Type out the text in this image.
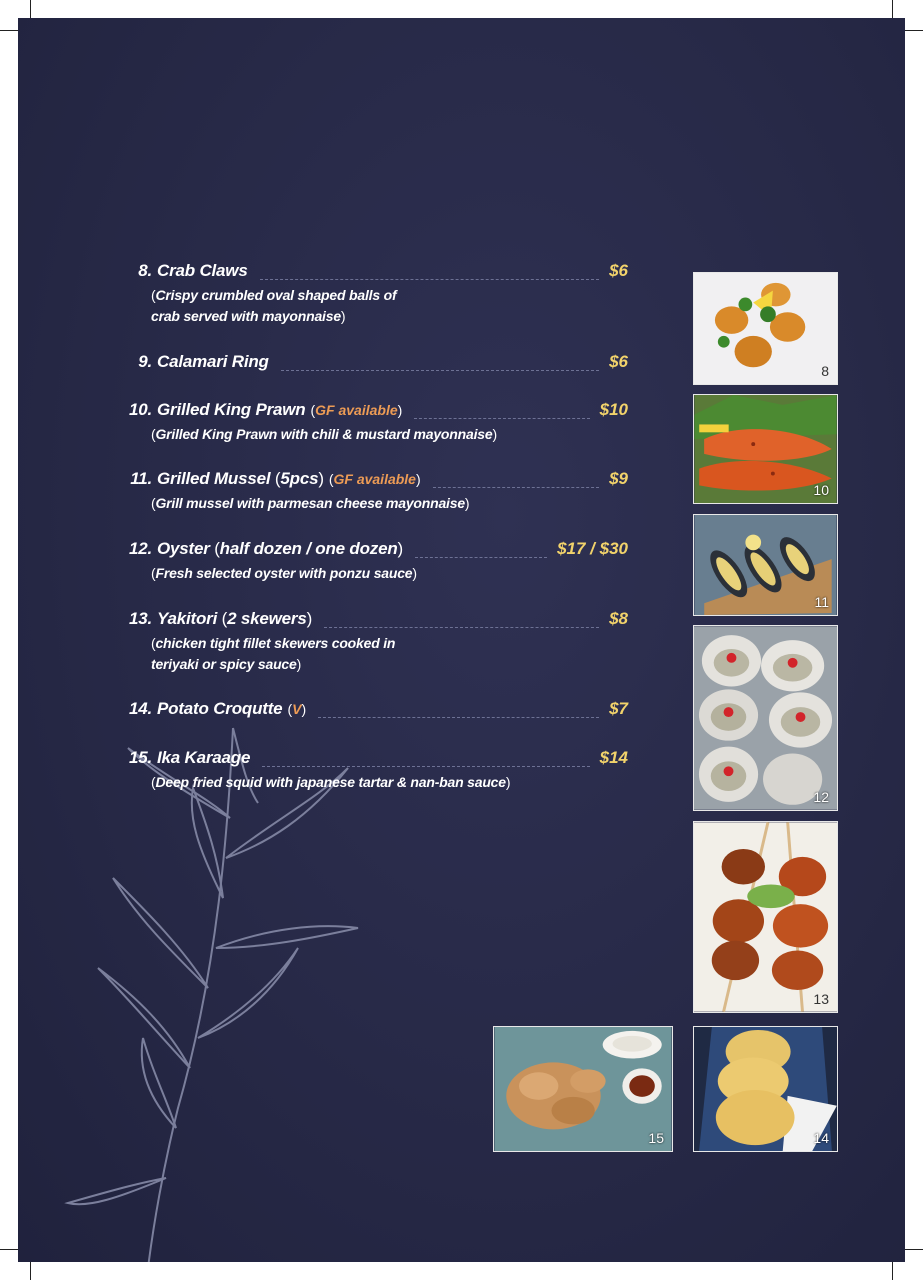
8. Crab Claws	$6
(Crispy crumbled oval shaped balls of
crab served with mayonnaise)
9. Calamari Ring	$6
10. Grilled King Prawn (GF available)	$10
(Grilled King Prawn with chili & mustard mayonnaise)
11. Grilled Mussel (5pcs) (GF available)	$9
(Grill mussel with parmesan cheese mayonnaise)
12. Oyster (half dozen / one dozen)	$17 / $30
(Fresh selected oyster with ponzu sauce)
13. Yakitori (2 skewers)	$8
(chicken tight fillet skewers cooked in
teriyaki or spicy sauce)
14. Potato Croqutte (V)	$7
15. Ika Karaage	$14
(Deep fried squid with japanese tartar & nan-ban sauce)
8
10
11
12
13
15	14
